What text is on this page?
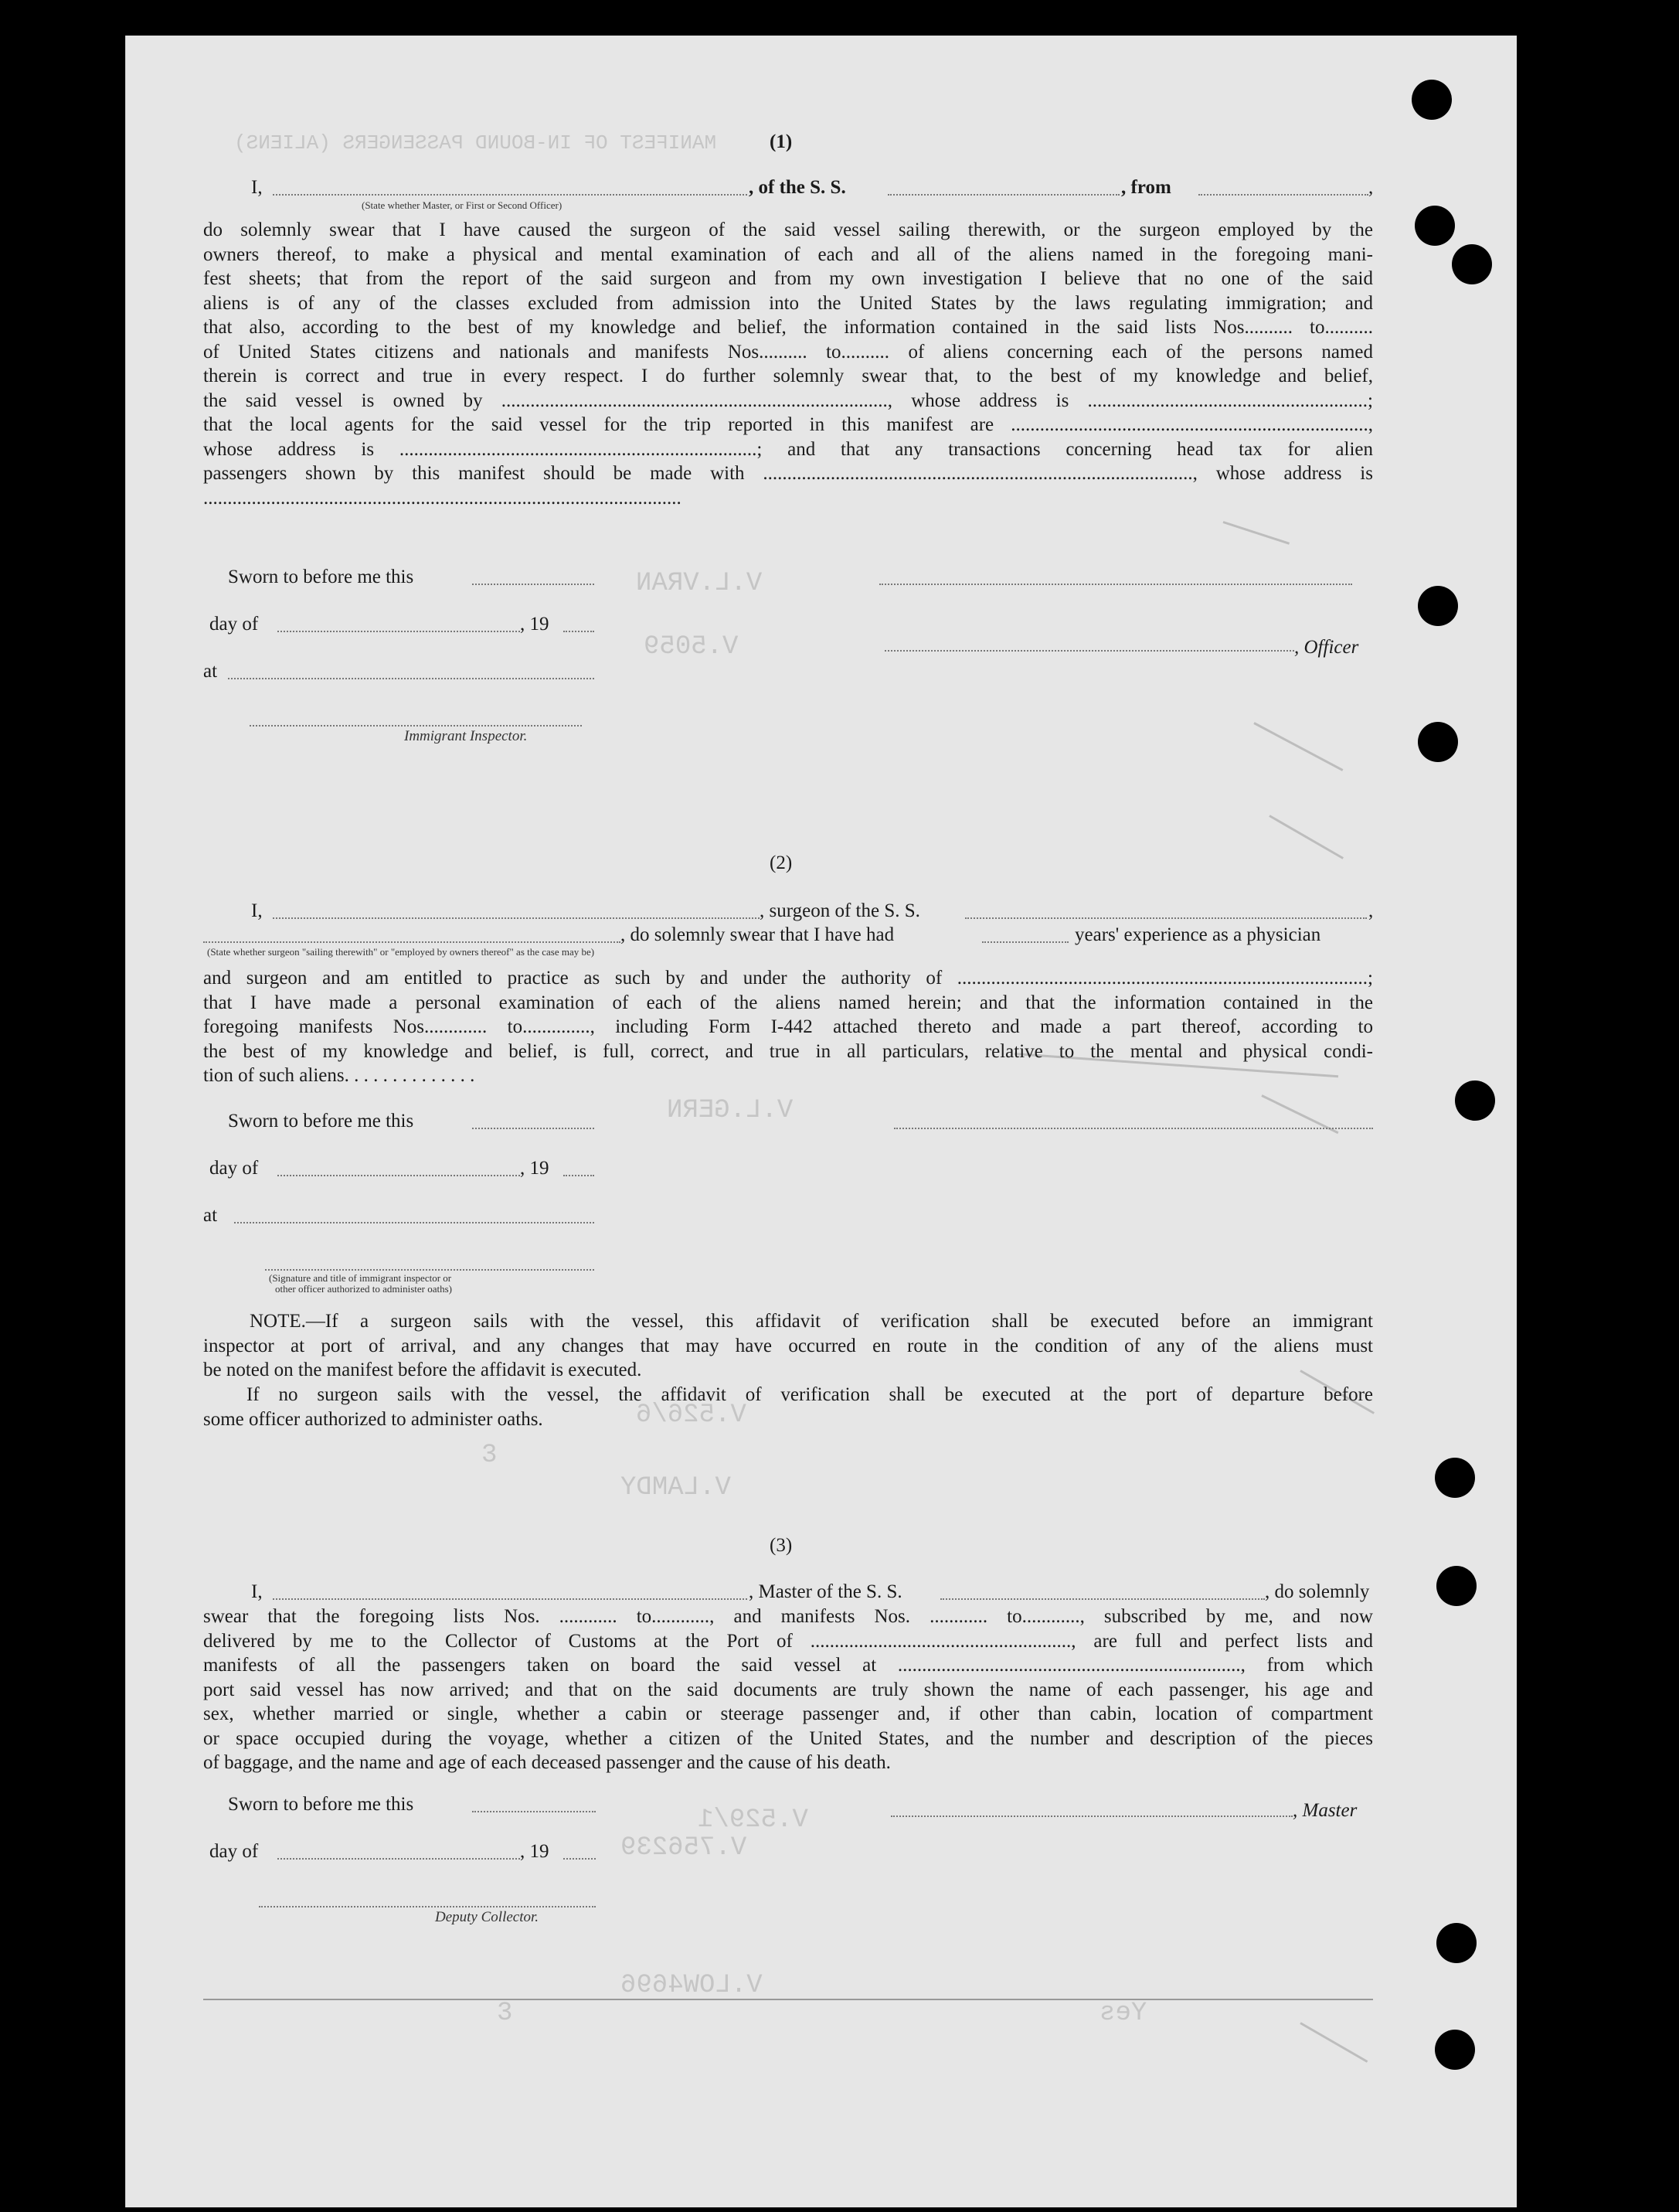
MANIFEST OF IN-BOUND PASSENGERS (ALIENS)
V.L.VRAN
V.5059
V.L.GERN
V.526/6
V.LAMDY
3
V.529/1
V.756239
V.LOW4696
Yes
3
(1)
I,	, of the S. S.	, from	,
(State whether Master, or First or Second Officer)
do solemnly swear that I have caused the surgeon of the said vessel sailing therewith, or the surgeon employed by the
owners thereof, to make a physical and mental examination of each and all of the aliens named in the foregoing mani-
fest sheets; that from the report of the said surgeon and from my own investigation I believe that no one of the said
aliens is of any of the classes excluded from admission into the United States by the laws regulating immigration; and
that also, according to the best of my knowledge and belief, the information contained in the said lists Nos.......... to..........
of United States citizens and nationals and manifests Nos.......... to.......... of aliens concerning each of the persons named
therein is correct and true in every respect. I do further solemnly swear that, to the best of my knowledge and belief,
the said vessel is owned by ................................................................................, whose address is ..........................................................;
that the local agents for the said vessel for the trip reported in this manifest are ..........................................................................,
whose address is ..........................................................................; and that any transactions concerning head tax for alien
passengers shown by this manifest should be made with ........................................................................................., whose address is
...................................................................................................
Sworn to before me this
day of	, 19
, Officer
at
Immigrant Inspector.
(2)
I,	, surgeon of the S. S.	,
, do solemnly swear that I have had	years' experience as a physician
(State whether surgeon "sailing therewith" or "employed by owners thereof" as the case may be)
and surgeon and am entitled to practice as such by and under the authority of .....................................................................................;
that I have made a personal examination of each of the aliens named herein; and that the information contained in the
foregoing manifests Nos............. to.............., including Form I-442 attached thereto and made a part thereof, according to
the best of my knowledge and belief, is full, correct, and true in all particulars, relative to the mental and physical condi-
tion of such aliens. . . . . . . . . . . . . .
Sworn to before me this
day of	, 19
at
(Signature and title of immigrant inspector or
other officer authorized to administer oaths)
NOTE.—If a surgeon sails with the vessel, this affidavit of verification shall be executed before an immigrant
inspector at port of arrival, and any changes that may have occurred en route in the condition of any of the aliens must
be noted on the manifest before the affidavit is executed.
If no surgeon sails with the vessel, the affidavit of verification shall be executed at the port of departure before
some officer authorized to administer oaths.
(3)
I,	, Master of the S. S.	, do solemnly
swear that the foregoing lists Nos. ............ to............, and manifests Nos. ............ to............, subscribed by me, and now
delivered by me to the Collector of Customs at the Port of ......................................................, are full and perfect lists and
manifests of all the passengers taken on board the said vessel at ......................................................................., from which
port said vessel has now arrived; and that on the said documents are truly shown the name of each passenger, his age and
sex, whether married or single, whether a cabin or steerage passenger and, if other than cabin, location of compartment
or space occupied during the voyage, whether a citizen of the United States, and the number and description of the pieces
of baggage, and the name and age of each deceased passenger and the cause of his death.
Sworn to before me this	, Master
day of	, 19
Deputy Collector.
